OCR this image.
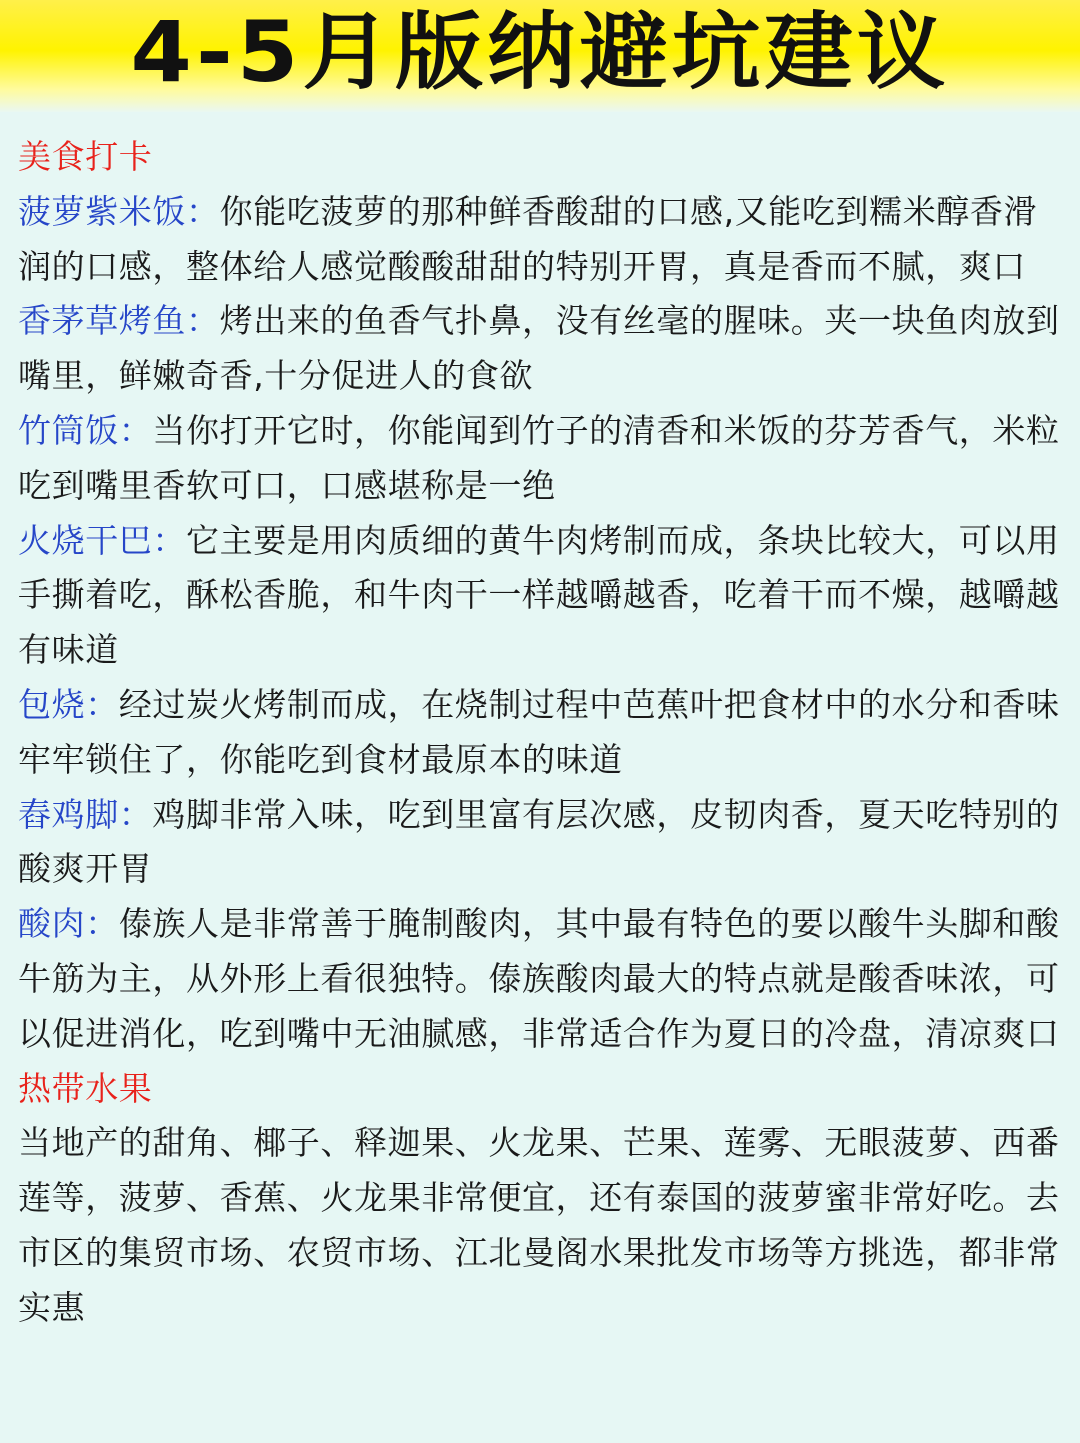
4-5月版纳避坑建议
美食打卡

菠萝紫米饭：你能吃菠萝的那种鲜香酸甜的口感,又能吃到糯米醇香滑润的口感，整体给人感觉酸酸甜甜的特别开胃，真是香而不腻，爽口

香茅草烤鱼：烤出来的鱼香气扑鼻，没有丝毫的腥味。夹一块鱼肉放到嘴里，鲜嫩奇香,十分促进人的食欲

竹筒饭：当你打开它时，你能闻到竹子的清香和米饭的芬芳香气，米粒吃到嘴里香软可口，口感堪称是一绝

火烧干巴：它主要是用肉质细的黄牛肉烤制而成，条块比较大，可以用手撕着吃，酥松香脆，和牛肉干一样越嚼越香，吃着干而不燥，越嚼越有味道

包烧：经过炭火烤制而成，在烧制过程中芭蕉叶把食材中的水分和香味牢牢锁住了，你能吃到食材最原本的味道

舂鸡脚：鸡脚非常入味，吃到里富有层次感，皮韧肉香，夏天吃特别的酸爽开胃

酸肉：傣族人是非常善于腌制酸肉，其中最有特色的要以酸牛头脚和酸牛筋为主，从外形上看很独特。傣族酸肉最大的特点就是酸香味浓，可以促进消化，吃到嘴中无油腻感，非常适合作为夏日的冷盘，清凉爽口

热带水果

当地产的甜角、椰子、释迦果、火龙果、芒果、莲雾、无眼菠萝、西番莲等，菠萝、香蕉、火龙果非常便宜，还有泰国的菠萝蜜非常好吃。去市区的集贸市场、农贸市场、江北曼阁水果批发市场等方挑选，都非常实惠
